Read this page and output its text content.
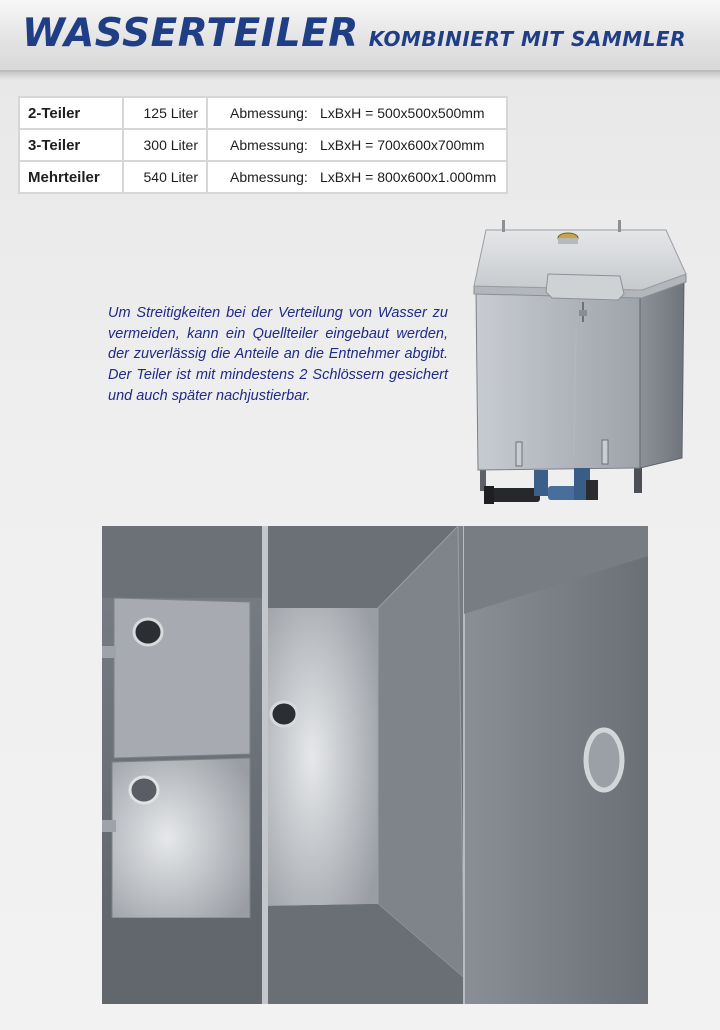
WASSERTEILER KOMBINIERT MIT SAMMLER
2-Teiler	125 Liter	Abmessung: LxBxH = 500x500x500mm
3-Teiler	300 Liter	Abmessung: LxBxH = 700x600x700mm
Mehrteiler	540 Liter	Abmessung: LxBxH = 800x600x1.000mm

Um Streitigkeiten bei der Verteilung von Wasser zu vermeiden, kann ein Quellteiler eingebaut werden, der zuverlässig die Anteile an die Entnehmer abgibt. Der Teiler ist mit mindestens 2 Schlössern gesichert und auch später nachjustierbar.
